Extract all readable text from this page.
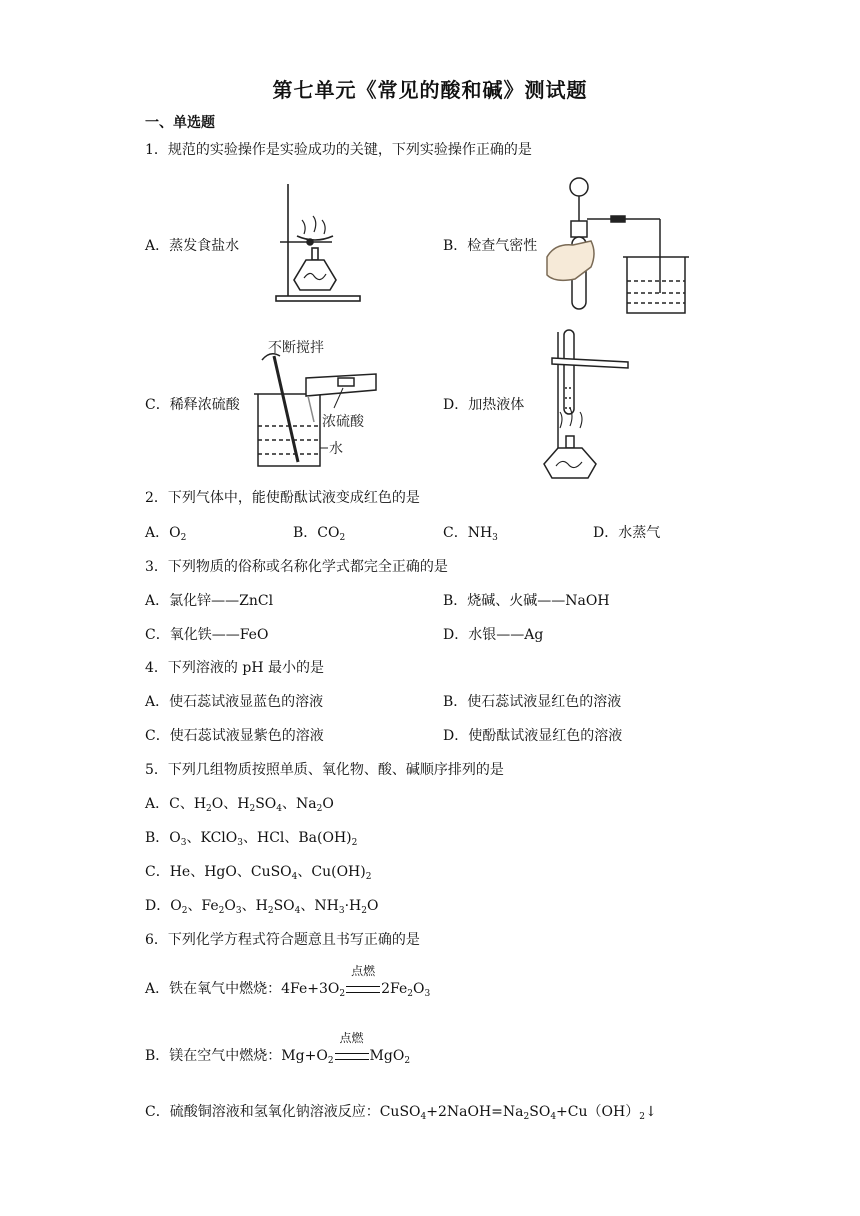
第七单元《常见的酸和碱》测试题
一、单选题
1．规范的实验操作是实验成功的关键，下列实验操作正确的是
A．蒸发食盐水	B．检查气密性
C．稀释浓硫酸	D．加热液体
不断搅拌
浓硫酸
水
2．下列气体中，能使酚酞试液变成红色的是
A．$O_2$	B．$CO_2$	C．$NH_3$	D．水蒸气
3．下列物质的俗称或名称化学式都完全正确的是
A．氯化锌——ZnCl	B．烧碱、火碱——NaOH
C．氧化铁——FeO	D．水银——Ag
4．下列溶液的 pH 最小的是
A．使石蕊试液显蓝色的溶液	B．使石蕊试液显红色的溶液
C．使石蕊试液显紫色的溶液	D．使酚酞试液显红色的溶液
5．下列几组物质按照单质、氧化物、酸、碱顺序排列的是
A．C、$H_2O$、$H_2SO_4$、$Na_2O$
B．$O_3$、KClO$_3$、HCl、$Ba(OH)_2$
C．He、HgO、CuSO$_4$、$Cu(OH)_2$
D．$O_2$、$Fe_2O_3$、$H_2SO_4$、$NH_3\cdot H_2O$
6．下列化学方程式符合题意且书写正确的是
A．铁在氧气中燃烧：$4Fe+3O_2$
点燃
$2Fe_2O_3$
B．镁在空气中燃烧：$Mg+O_2$
点燃
MgO$_2$
C．硫酸铜溶液和氢氧化钠溶液反应：$CuSO_4+2NaOH=Na_2SO_4+Cu(OH)_2↓$
